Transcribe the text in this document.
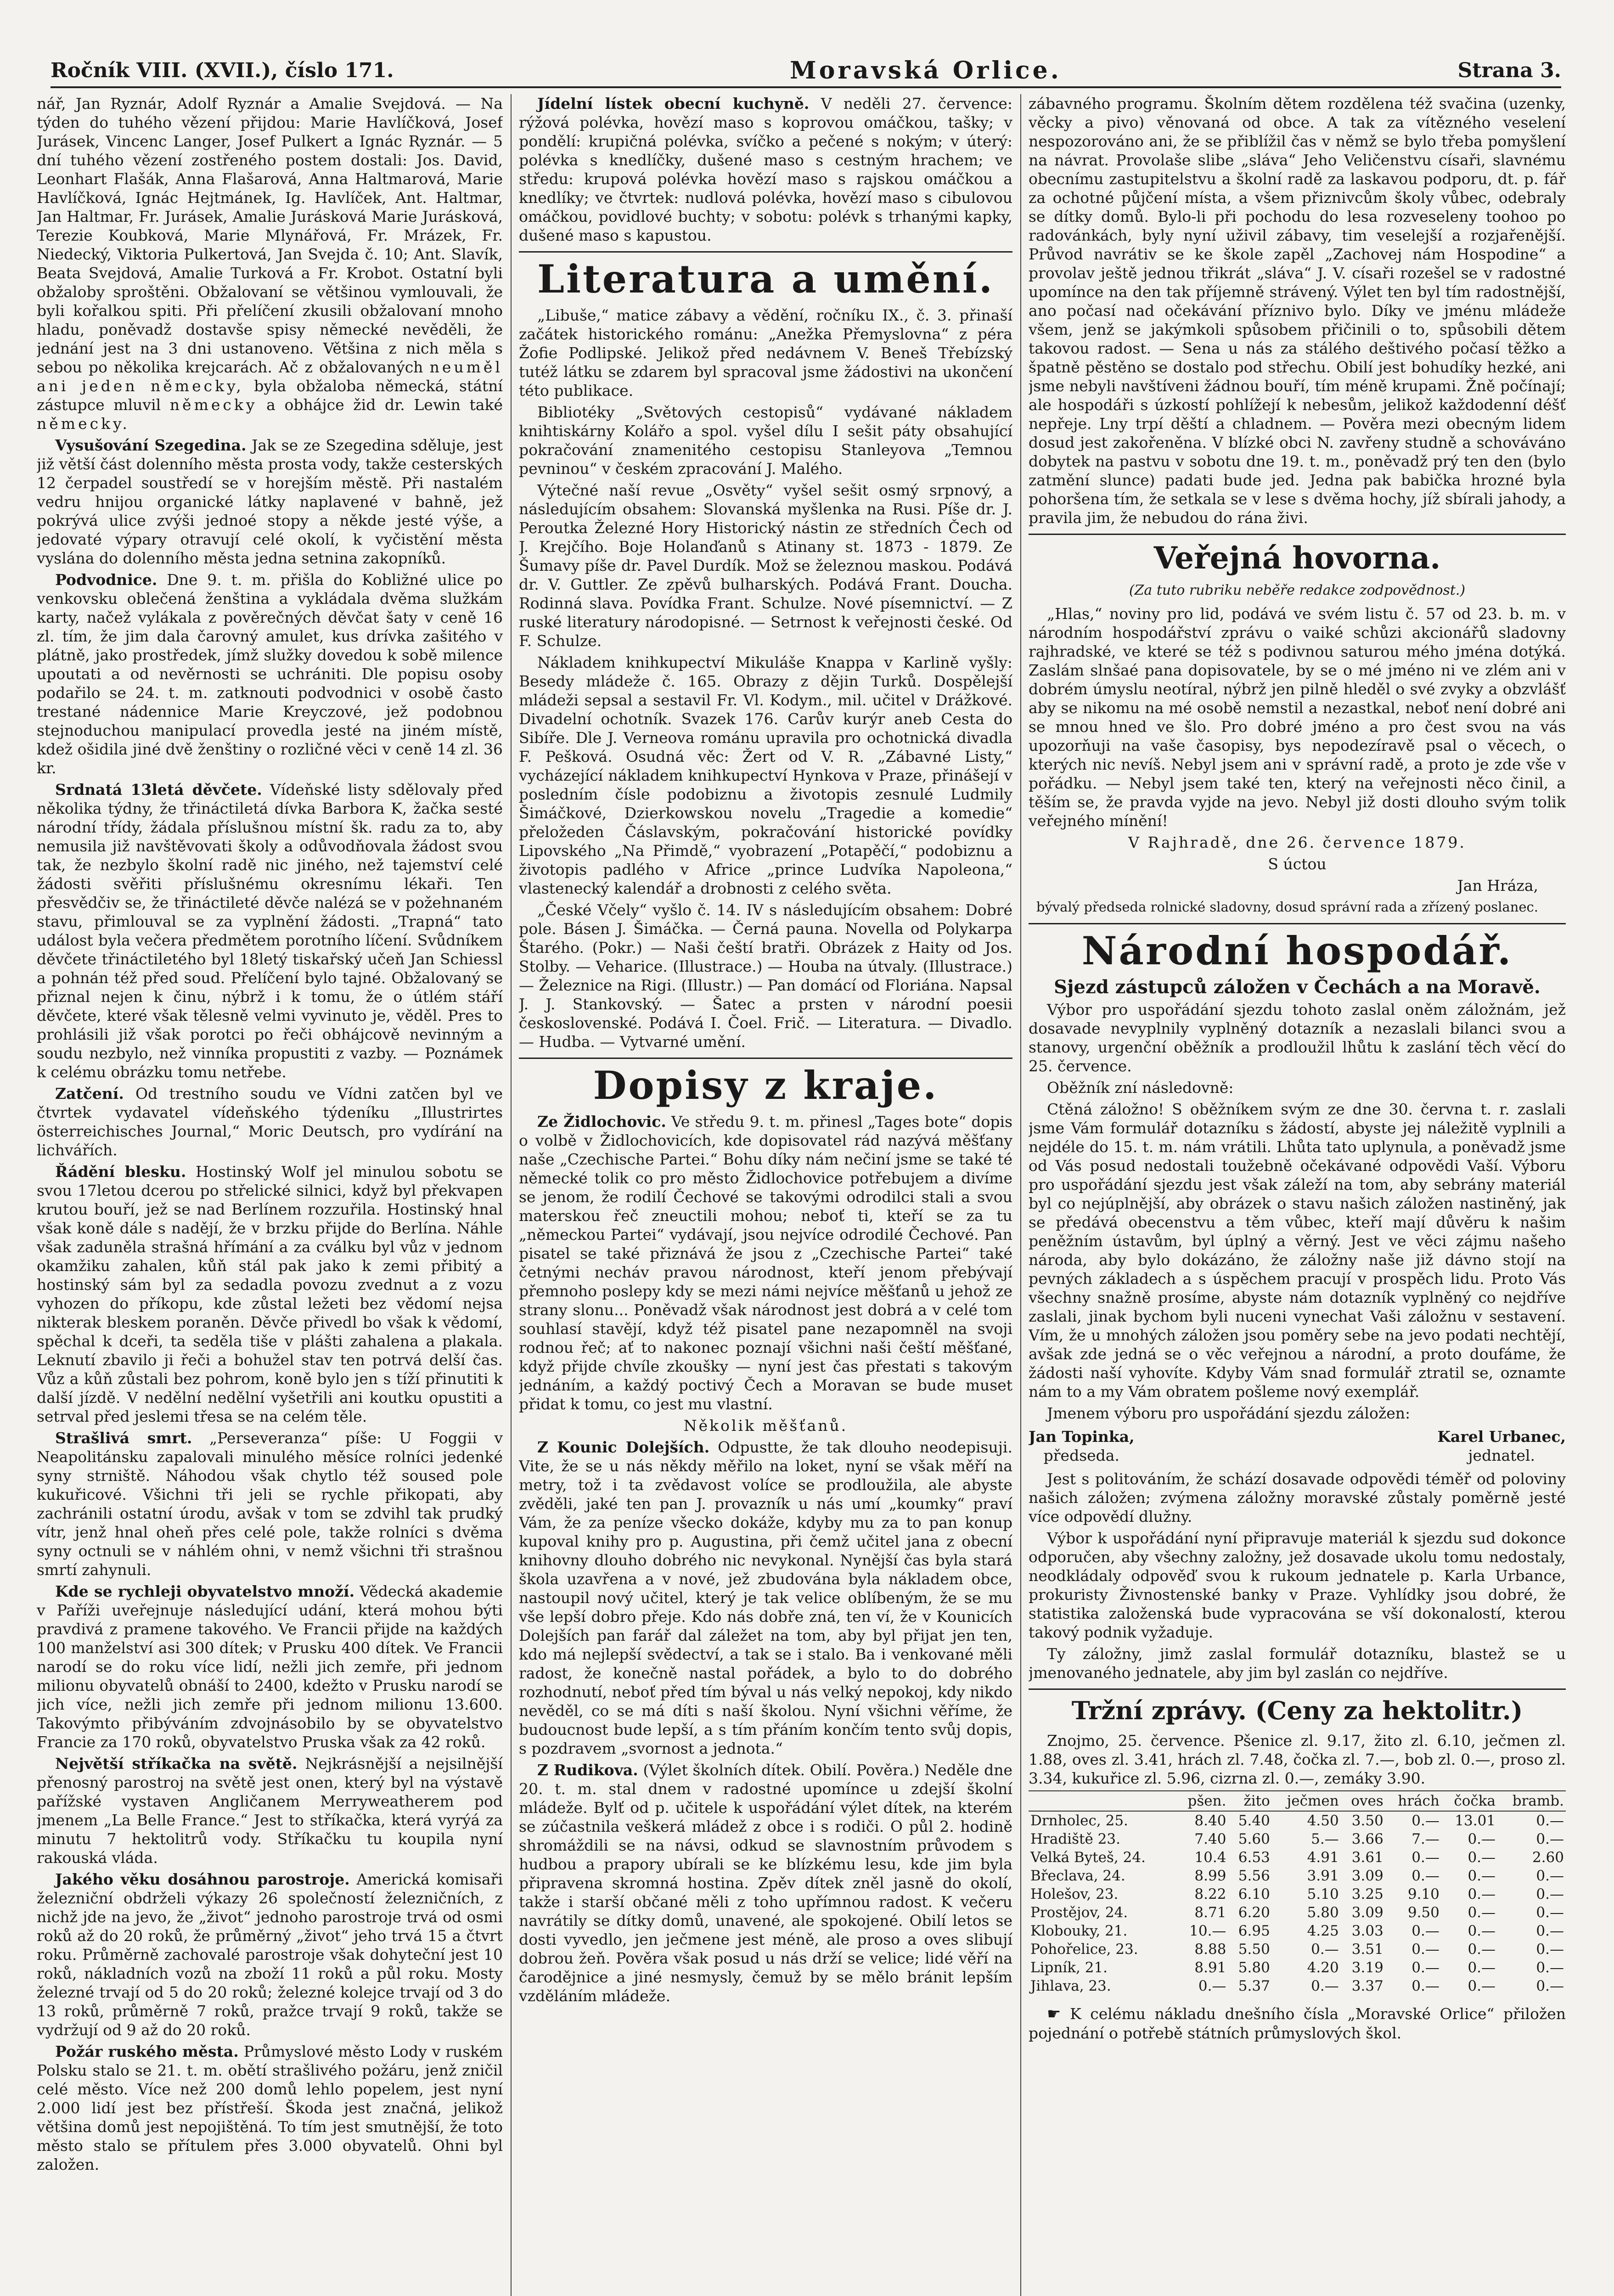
Ročník VIII. (XVII.), číslo 171.	Moravská Orlice.	Strana 3.

nář, Jan Ryznár, Adolf Ryznár a Amalie Svejdová. — Na týden do tuhého vězení přijdou: Marie Havlíčková, Josef Jurásek, Vincenc Langer, Josef Pulkert a Ignác Ryznár. — 5 dní tuhého vězení zostřeného postem dostali: Jos. David, Leonhart Flašák, Anna Flašarová, Anna Haltmarová, Marie Havlíčková, Ignác Hejtmánek, Ig. Havlíček, Ant. Haltmar, Jan Haltmar, Fr. Jurásek, Amalie Jurásková Marie Jurásková, Terezie Koubková, Marie Mlynářová, Fr. Mrázek, Fr. Niedecký, Viktoria Pulkertová, Jan Svejda č. 10; Ant. Slavík, Beata Svejdová, Amalie Turková a Fr. Krobot. Ostatní byli obžaloby sproštěni. Obžalovaní se většinou vymlouvali, že byli kořalkou spiti. Při přelíčení zkusili obžalovaní mnoho hladu, poněvadž dostavše spisy německé nevěděli, že jednání jest na 3 dni ustanoveno. Většina z nich měla s sebou po několika krejcarách. Ač z obžalovaných neuměl ani jeden německy, byla obžaloba německá, státní zástupce mluvil německy a obhájce žid dr. Lewin také německy.

Vysušování Szegedina. Jak se ze Szegedina sděluje, jest již větší část dolenního města prosta vody, takže cesterských 12 čerpadel soustředí se v horejším městě. Při nastalém vedru hnijou organické látky naplavené v bahně, jež pokrývá ulice zvýši jednoé stopy a někde jesté výše, a jedovaté výpary otravují celé okolí, k vyčistění města vyslána do dolenního města jedna setnina zakopníků.

Podvodnice. Dne 9. t. m. přišla do Kobližné ulice po venkovsku oblečená ženština a vykládala dvěma služkám karty, načež vylákala z pověrečných děvčat šaty v ceně 16 zl. tím, že jim dala čarovný amulet, kus drívka zašitého v plátně, jako prostředek, jímž služky dovedou k sobě milence upoutati a od nevěrnosti se uchrániti. Dle popisu osoby podařilo se 24. t. m. zatknouti podvodnici v osobě často trestané nádennice Marie Kreyczové, jež podobnou stejnoduchou manipulací provedla jesté na jiném místě, kdež ošidila jiné dvě ženštiny o rozličné věci v ceně 14 zl. 36 kr.

Srdnatá 13letá děvčete. Vídeňské listy sdělovaly před několika týdny, že třináctiletá dívka Barbora K, žačka sesté národní třídy, žádala příslušnou místní šk. radu za to, aby nemusila již navštěvovati školy a odůvodňovala žádost svou tak, že nezbylo školní radě nic jiného, než tajemství celé žádosti svěřiti příslušnému okresnímu lékaři. Ten přesvědčiv se, že třináctileté děvče nalézá se v požehnaném stavu, přimlouval se za vyplnění žádosti. „Trapná“ tato událost byla večera předmětem porotního líčení. Svůdníkem děvčete třináctiletého byl 18letý tiskařský učeň Jan Schiessl a pohnán též před soud. Přelíčení bylo tajné. Obžalovaný se přiznal nejen k činu, nýbrž i k tomu, že o útlém stáří děvčete, které však tělesně velmi vyvinuto je, věděl. Pres to prohlásili již však porotci po řeči obhájcově nevinným a soudu nezbylo, než vinníka propustiti z vazby. — Poznámek k celému obrázku tomu netřebe.

Zatčení. Od trestního soudu ve Vídni zatčen byl ve čtvrtek vydavatel vídeňského týdeníku „Illustrirtes österreichisches Journal,“ Moric Deutsch, pro vydírání na lichvářích.

Řádění blesku. Hostinský Wolf jel minulou sobotu se svou 17letou dcerou po střelické silnici, když byl překvapen krutou bouří, jež se nad Berlínem rozzuřila. Hostinský hnal však koně dále s nadějí, že v brzku přijde do Berlína. Náhle však zaduněla strašná hřímání a za cválku byl vůz v jednom okamžiku zahalen, kůň stál pak jako k zemi přibitý a hostinský sám byl za sedadla povozu zvednut a z vozu vyhozen do příkopu, kde zůstal ležeti bez vědomí nejsa nikterak bleskem poraněn. Děvče přivedl bo však k vědomí, spěchal k dceři, ta seděla tiše v plášti zahalena a plakala. Leknutí zbavilo ji řeči a bohužel stav ten potrvá delší čas. Vůz a kůň zůstali bez pohrom, koně bylo jen s tíží přinutiti k další jízdě. V nedělní nedělní vyšetřili ani koutku opustiti a setrval před jeslemi třesa se na celém těle.

Strašlivá smrt. „Perseveranza“ píše: U Foggii v Neapolitánsku zapalovali minulého měsíce rolníci jedenké syny strniště. Náhodou však chytlo též soused pole kukuřicové. Všichni tři jeli se rychle přikopati, aby zachránili ostatní úrodu, avšak v tom se zdvihl tak prudký vítr, jenž hnal oheň přes celé pole, takže rolníci s dvěma syny octnuli se v náhlém ohni, v nemž všichni tři strašnou smrtí zahynuli.

Kde se rychleji obyvatelstvo množí. Vědecká akademie v Paříži uveřejnuje následující udání, která mohou býti pravdivá z pramene takového. Ve Francii přijde na každých 100 manželství asi 300 dítek; v Prusku 400 dítek. Ve Francii narodí se do roku více lidí, nežli jich zemře, při jednom milionu obyvatelů obnáší to 2400, kdežto v Prusku narodí se jich více, nežli jich zemře při jednom milionu 13.600. Takovýmto přibýváním zdvojnásobilo by se obyvatelstvo Francie za 170 roků, obyvatelstvo Pruska však za 42 roků.

Největší stříkačka na světě. Nejkrásnější a nejsilnější přenosný parostroj na světě jest onen, který byl na výstavě pařížské vystaven Angličanem Merryweatherem pod jmenem „La Belle France.“ Jest to stříkačka, která vyrýá za minutu 7 hektolitrů vody. Stříkačku tu koupila nyní rakouská vláda.

Jakého věku dosáhnou parostroje. Americká komisaři železniční obdrželi výkazy 26 společností železničních, z nichž jde na jevo, že „život“ jednoho parostroje trvá od osmi roků až do 20 roků, že průměrný „život“ jeho trvá 15 a čtvrt roku. Průměrně zachovalé parostroje však dohyteční jest 10 roků, nákladních vozů na zboží 11 roků a půl roku. Mosty železné trvají od 5 do 20 roků; železné kolejce trvají od 3 do 13 roků, průměrně 7 roků, pražce trvají 9 roků, takže se vydržují od 9 až do 20 roků.

Požár ruského města. Průmyslové město Lody v ruském Polsku stalo se 21. t. m. obětí strašlivého požáru, jenž zničil celé město. Více než 200 domů lehlo popelem, jest nyní 2.000 lidí jest bez přístřeší. Škoda jest značná, jelikož většina domů jest nepojištěná. To tím jest smutnější, že toto město stalo se přítulem přes 3.000 obyvatelů. Ohni byl založen.

Jídelní lístek obecní kuchyně. V neděli 27. července: rýžová polévka, hovězí maso s koprovou omáčkou, tašky; v pondělí: krupičná polévka, svíčko a pečené s nokým; v úterý: polévka s knedlíčky, dušené maso s cestným hrachem; ve středu: krupová polévka hovězí maso s rajskou omáčkou a knedlíky; ve čtvrtek: nudlová polévka, hovězí maso s cibulovou omáčkou, povidlové buchty; v sobotu: polévk s trhanými kapky, dušené maso s kapustou.

Literatura a umění.

„Libuše,“ matice zábavy a vědění, ročníku IX., č. 3. přinaší začátek historického románu: „Anežka Přemyslovna“ z péra Žofie Podlipské. Jelikož před nedávnem V. Beneš Třebízský tutéž látku se zdarem byl spracoval jsme žádostivi na ukončení této publikace.

Bibliotéky „Světových cestopisů“ vydávané nákladem knihtiskárny Kolářo a spol. vyšel dílu I sešit páty obsahující pokračování znamenitého cestopisu Stanleyova „Temnou pevninou“ v českém zpracování J. Malého.

Výtečné naší revue „Osvěty“ vyšel sešit osmý srpnový, a následujícím obsahem: Slovanská myšlenka na Rusi. Píše dr. J. Peroutka Železné Hory Historický nástin ze středních Čech od J. Krejčího. Boje Holanďanů s Atinany st. 1873 - 1879. Ze Šumavy píše dr. Pavel Durdík. Mož se železnou maskou. Podává dr. V. Guttler. Ze zpěvů bulharských. Podává Frant. Doucha. Rodinná slava. Povídka Frant. Schulze. Nové písemnictví. — Z ruské literatury národopisné. — Setrnost k veřejnosti české. Od F. Schulze.

Nákladem knihkupectví Mikuláše Knappa v Karlině vyšly: Besedy mládeže č. 165. Obrazy z dějin Turků. Dospělejší mládeži sepsal a sestavil Fr. Vl. Kodym., mil. učitel v Drážkové. Divadelní ochotník. Svazek 176. Carův kurýr aneb Cesta do Sibíře. Dle J. Verneova románu upravila pro ochotnická divadla F. Pešková. Osudná věc: Žert od V. R. „Zábavné Listy,“ vycházející nákladem knihkupectví Hynkova v Praze, přinášejí v posledním čísle podobiznu a životopis zesnulé Ludmily Šimáčkové, Dzierkowskou novelu „Tragedie a komedie“ přeložeden Čáslavským, pokračování historické povídky Lipovského „Na Přimdě,“ vyobrazení „Potapěčí,“ podobiznu a životopis padlého v Africe „prince Ludvíka Napoleona,“ vlastenecký kalendář a drobnosti z celého světa.

„České Včely“ vyšlo č. 14. IV s následujícím obsahem: Dobré pole. Básen J. Šimáčka. — Černá pauna. Novella od Polykarpa Štarého. (Pokr.) — Naši čeští bratři. Obrázek z Haity od Jos. Stolby. — Veharice. (Illustrace.) — Houba na útvaly. (Illustrace.) — Železnice na Rigi. (Illustr.) — Pan domácí od Floriána. Napsal J. J. Stankovský. — Šatec a prsten v národní poesii československé. Podává I. Čoel. Frič. — Literatura. — Divadlo. — Hudba. — Vytvarné umění.

Dopisy z kraje.

Ze Židlochovic. Ve středu 9. t. m. přinesl „Tages bote“ dopis o volbě v Židlochovicích, kde dopisovatel rád nazývá měšťany naše „Czechische Partei.“ Bohu díky nám nečiní jsme se také té německé tolik co pro město Židlochovice potřebujem a divíme se jenom, že rodilí Čechové se takovými odrodilci stali a svou materskou řeč zneuctili mohou; neboť ti, kteří se za tu „německou Partei“ vydávají, jsou nejvíce odrodilé Čechové. Pan pisatel se také přiznává že jsou z „Czechische Partei“ také četnými necháv pravou národnost, kteří jenom přebývají přemnoho poslepy kdy se mezi námi nejvíce měšťanů u jehož ze strany slonu... Poněvadž však národnost jest dobrá a v celé tom souhlasí stavějí, když též pisatel pane nezapomněl na svoji rodnou řeč; ať to nakonec poznají všichni naši čeští měšťané, když přijde chvíle zkoušky — nyní jest čas přestati s takovým jednáním, a každý poctivý Čech a Moravan se bude muset přidat k tomu, co jest mu vlastní.

Několik měšťanů.

Z Kounic Dolejších. Odpustte, že tak dlouho neodepisuji. Vite, že se u nás někdy měřilo na loket, nyní se však měří na metry, tož i ta zvědavost volíce se prodloužila, ale abyste zvěděli, jaké ten pan J. provazník u nás umí „koumky“ praví Vám, že za peníze všecko dokáže, kdyby mu za to pan konup kupoval knihy pro p. Augustina, při čemž učitel jana z obecní knihovny dlouho dobrého nic nevykonal. Nynější čas byla stará škola uzavřena a v nové, jež zbudována byla nákladem obce, nastoupil nový učitel, který je tak velice oblíbeným, že se mu vše lepší dobro přeje. Kdo nás dobře zná, ten ví, že v Kounicích Dolejších pan farář dal záležet na tom, aby byl přijat jen ten, kdo má nejlepší svědectví, a tak se i stalo. Ba i venkované měli radost, že konečně nastal pořádek, a bylo to do dobrého rozhodnutí, neboť před tím býval u nás velký nepokoj, kdy nikdo nevěděl, co se má díti s naší školou. Nyní všichni věříme, že budoucnost bude lepší, a s tím přáním končím tento svůj dopis, s pozdravem „svornost a jednota.“

Z Rudikova. (Výlet školních dítek. Obilí. Pověra.) Neděle dne 20. t. m. stal dnem v radostné upomínce u zdejší školní mládeže. Bylť od p. učitele k uspořádání výlet dítek, na kterém se zúčastnila veškerá mládež z obce i s rodiči. O půl 2. hodině shromáždili se na návsi, odkud se slavnostním průvodem s hudbou a prapory ubírali se ke blízkému lesu, kde jim byla připravena skromná hostina. Zpěv dítek zněl jasně do okolí, takže i starší občané měli z toho upřímnou radost. K večeru navrátily se dítky domů, unavené, ale spokojené. Obilí letos se dosti vyvedlo, jen ječmene jest méně, ale proso a oves slibují dobrou žeň. Pověra však posud u nás drží se velice; lidé věří na čarodějnice a jiné nesmysly, čemuž by se mělo bránit lepším vzděláním mládeže.

zábavného programu. Školním dětem rozdělena též svačina (uzenky, věcky a pivo) věnovaná od obce. A tak za vítězného veselení nespozorováno ani, že se přiblížil čas v němž se bylo třeba pomyšlení na návrat. Provolaše slibe „sláva“ Jeho Veličenstvu císaři, slavnému obecnímu zastupitelstvu a školní radě za laskavou podporu, dt. p. fář za ochotné půjčení místa, a všem přiznivcům školy vůbec, odebraly se dítky domů. Bylo-li při pochodu do lesa rozveseleny toohoo po radovánkách, byly nyní uživil zábavy, tim veselejší a rozjařenější. Průvod navrátiv se ke škole zapěl „Zachovej nám Hospodine“ a provolav ještě jednou třikrát „sláva“ J. V. císaři rozešel se v radostné upomínce na den tak příjemně strávený. Výlet ten byl tím radostnější, ano počasí nad očekávání příznivo bylo. Díky ve jménu mládeže všem, jenž se jakýmkoli spůsobem přičinili o to, spůsobili dětem takovou radost. — Sena u nás za stálého deštivého počasí těžko a špatně pěstěno se dostalo pod střechu. Obilí jest bohudíky hezké, ani jsme nebyli navštíveni žádnou bouří, tím méně krupami. Žně počínají; ale hospodáři s úzkostí pohlížejí k nebesům, jelikož každodenní déšť nepřeje. Lny trpí děští a chladnem. — Pověra mezi obecným lidem dosud jest zakořeněna. V blízké obci N. zavřeny studně a schováváno dobytek na pastvu v sobotu dne 19. t. m., poněvadž prý ten den (bylo zatmění slunce) padati bude jed. Jedna pak babička hrozné byla pohoršena tím, že setkala se v lese s dvěma hochy, jíž sbírali jahody, a pravila jim, že nebudou do rána živi.

Veřejná hovorna.
(Za tuto rubriku neběře redakce zodpovědnost.)

„Hlas,“ noviny pro lid, podává ve svém listu č. 57 od 23. b. m. v národním hospodářství zprávu o vaiké schůzi akcionářů sladovny rajhradské, ve které se též s podivnou saturou mého jména dotýká. Zaslám slnšaé pana dopisovatele, by se o mé jméno ni ve zlém ani v dobrém úmyslu neotíral, nýbrž jen pilně hleděl o své zvyky a obzvlášť aby se nikomu na mé osobě nemstil a nezastkal, neboť není dobré ani se mnou hned ve šlo. Pro dobré jméno a pro čest svou na vás upozorňuji na vaše časopisy, bys nepodezíravě psal o věcech, o kterých nic nevíš. Nebyl jsem ani v správní radě, a proto je zde vše v pořádku. — Nebyl jsem také ten, který na veřejnosti něco činil, a těším se, že pravda vyjde na jevo. Nebyl již dosti dlouho svým tolik veřejného mínění!

V Rajhradě, dne 26. července 1879.
S úctou
Jan Hráza,
bývalý předseda rolnické sladovny, dosud správní rada a zřízený poslanec.
Národní hospodář.
Sjezd zástupců záložen v Čechách a na Moravě.

Výbor pro uspořádání sjezdu tohoto zaslal oněm záložnám, jež dosavade nevyplnily vyplněný dotazník a nezaslali bilanci svou a stanovy, urgenční oběžník a prodloužil lhůtu k zaslání těch věcí do 25. července.

Oběžník zní následovně:

Ctěná záložno! S oběžníkem svým ze dne 30. června t. r. zaslali jsme Vám formulář dotazníku s žádostí, abyste jej náležitě vyplnili a nejdéle do 15. t. m. nám vrátili. Lhůta tato uplynula, a poněvadž jsme od Vás posud nedostali toužebně očekávané odpovědi Vaší. Výboru pro uspořádání sjezdu jest však záleží na tom, aby sebrány materiál byl co nejúplnější, aby obrázek o stavu našich záložen nastiněný, jak se předává obecenstvu a těm vůbec, kteří mají důvěru k našim peněžním ústavům, byl úplný a věrný. Jest ve věci zájmu našeho národa, aby bylo dokázáno, že záložny naše již dávno stojí na pevných základech a s úspěchem pracují v prospěch lidu. Proto Vás všechny snažně prosíme, abyste nám dotazník vyplněný co nejdříve zaslali, jinak bychom byli nuceni vynechat Vaši záložnu v sestavení. Vím, že u mnohých záložen jsou poměry sebe na jevo podati nechtějí, avšak zde jedná se o věc veřejnou a národní, a proto doufáme, že žádosti naší vyhovíte. Kdyby Vám snad formulář ztratil se, oznamte nám to a my Vám obratem pošleme nový exemplář.

Jmenem výboru pro uspořádání sjezdu záložen:

Jan Topinka,
předseda.
Karel Urbanec,
jednatel.

Jest s politováním, že schází dosavade odpovědi téměř od poloviny našich záložen; zvýmena záložny moravské zůstaly poměrně jesté více odpovědí dlužny.

Výbor k uspořádání nyní připravuje materiál k sjezdu sud dokonce odporučen, aby všechny založny, jež dosavade ukolu tomu nedostaly, neodkládaly odpověď svou k rukoum jednatele p. Karla Urbance, prokuristy Živnostenské banky v Praze. Vyhlídky jsou dobré, že statistika založenská bude vypracována se vší dokonalostí, kterou takový podnik vyžaduje.

Ty záložny, jimž zaslal formulář dotazníku, blastež se u jmenovaného jednatele, aby jim byl zaslán co nejdříve.

Tržní zprávy. (Ceny za hektolitr.)

Znojmo, 25. července. Pšenice zl. 9.17, žito zl. 6.10, ječmen zl. 1.88, oves zl. 3.41, hrách zl. 7.48, čočka zl. 7.—, bob zl. 0.—, proso zl. 3.34, kukuřice zl. 5.96, cizrna zl. 0.—, zemáky 3.90.

	pšen.	žito	ječmen	oves	hrách	čočka	bramb.
Drnholec, 25.	8.40	5.40	4.50	3.50	0.—	13.01	0.—
Hradiště 23.	7.40	5.60	5.—	3.66	7.—	0.—	0.—
Velká Byteš, 24.	10.4	6.53	4.91	3.61	0.—	0.—	2.60
Břeclava, 24.	8.99	5.56	3.91	3.09	0.—	0.—	0.—
Holešov, 23.	8.22	6.10	5.10	3.25	9.10	0.—	0.—
Prostějov, 24.	8.71	6.20	5.80	3.09	9.50	0.—	0.—
Klobouky, 21.	10.—	6.95	4.25	3.03	0.—	0.—	0.—
Pohořelice, 23.	8.88	5.50	0.—	3.51	0.—	0.—	0.—
Lipník, 21.	8.91	5.80	4.20	3.19	0.—	0.—	0.—
Jihlava, 23.	0.—	5.37	0.—	3.37	0.—	0.—	0.—

☛ K celému nákladu dnešního čísla „Moravské Orlice“ přiložen pojednání o potřebě státních průmyslových škol.
